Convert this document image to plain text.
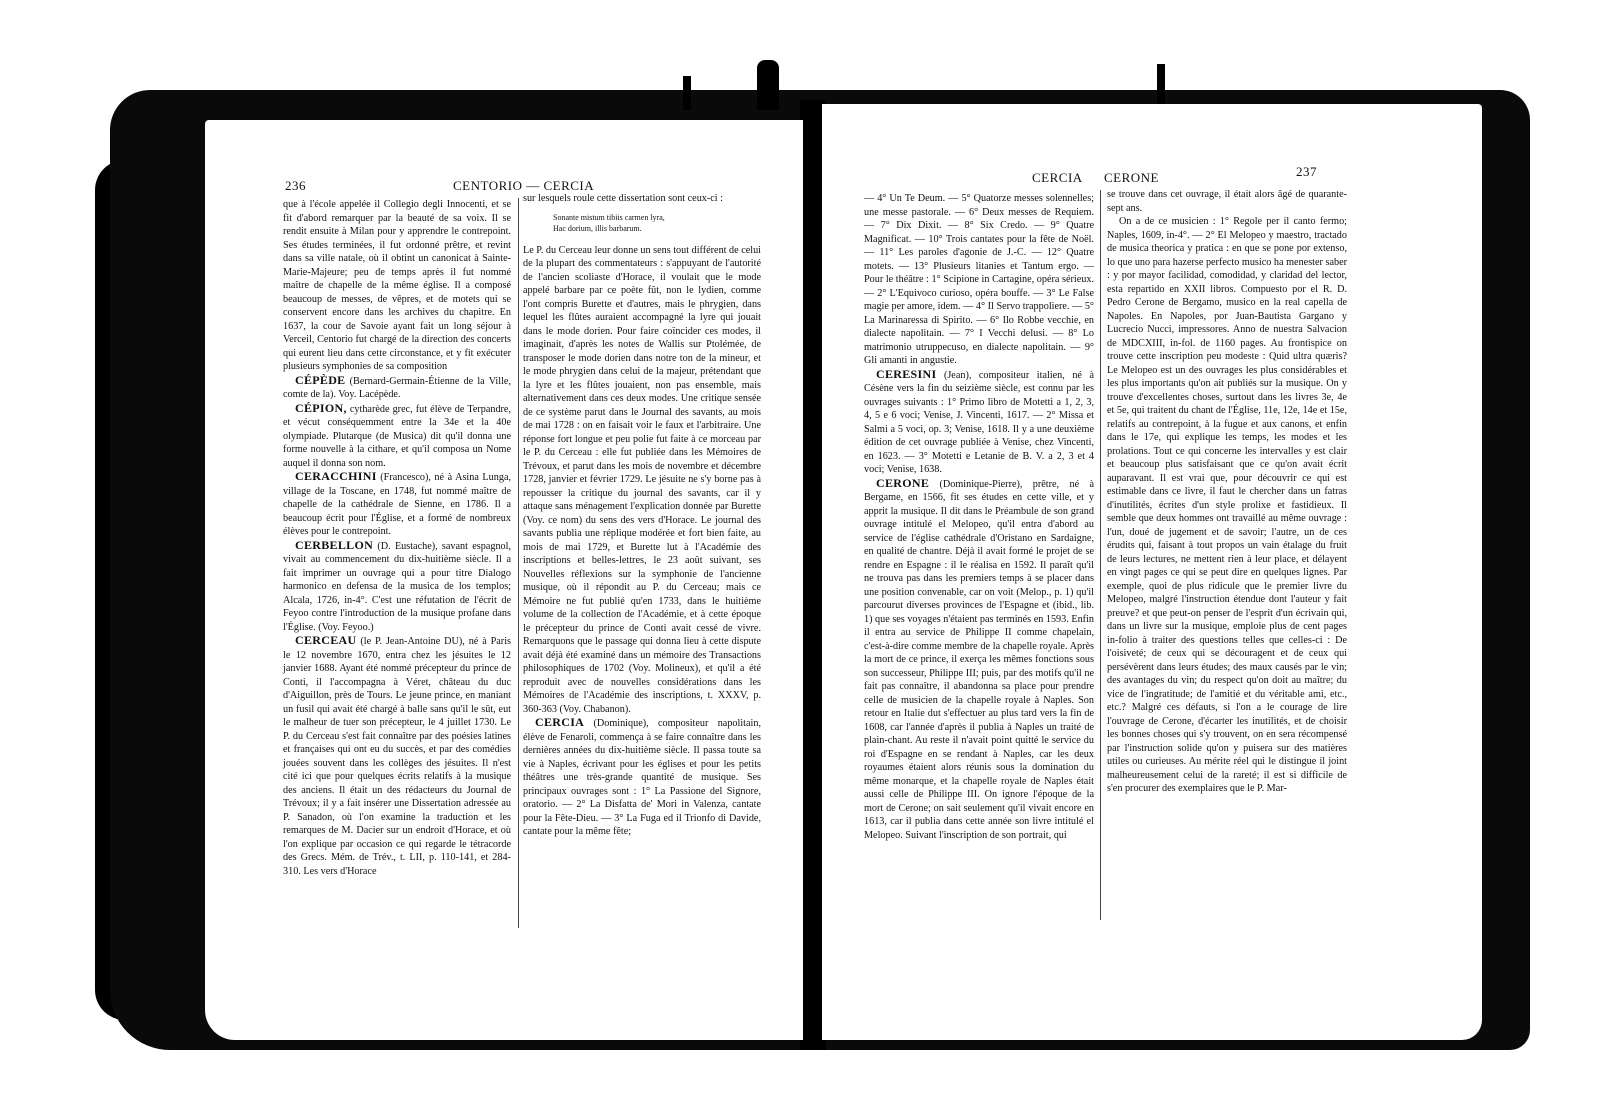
236	CENTORIO — CERCIA

que à l'école appelée il Collegio degli Innocenti, et se fit d'abord remarquer par la beauté de sa voix. Il se rendit ensuite à Milan pour y apprendre le contrepoint. Ses études terminées, il fut ordonné prêtre, et revint dans sa ville natale, où il obtint un canonicat à Sainte-Marie-Majeure; peu de temps après il fut nommé maître de chapelle de la même église. Il a composé beaucoup de messes, de vêpres, et de motets qui se conservent encore dans les archives du chapitre. En 1637, la cour de Savoie ayant fait un long séjour à Verceil, Centorio fut chargé de la direction des concerts qui eurent lieu dans cette circonstance, et y fit exécuter plusieurs symphonies de sa composition

CÉPÈDE (Bernard-Germain-Étienne de la Ville, comte de la). Voy. Lacépède.

CÉPION, cytharède grec, fut élève de Terpandre, et vécut conséquemment entre la 34e et la 40e olympiade. Plutarque (de Musica) dit qu'il donna une forme nouvelle à la cithare, et qu'il composa un Nome auquel il donna son nom.

CERACCHINI (Francesco), né à Asina Lunga, village de la Toscane, en 1748, fut nommé maître de chapelle de la cathédrale de Sienne, en 1786. Il a beaucoup écrit pour l'Église, et a formé de nombreux élèves pour le contrepoint.

CERBELLON (D. Eustache), savant espagnol, vivait au commencement du dix-huitième siècle. Il a fait imprimer un ouvrage qui a pour titre Dialogo harmonico en defensa de la musica de los templos; Alcala, 1726, in-4°. C'est une réfutation de l'écrit de Feyoo contre l'introduction de la musique profane dans l'Église. (Voy. Feyoo.)

CERCEAU (le P. Jean-Antoine DU), né à Paris le 12 novembre 1670, entra chez les jésuites le 12 janvier 1688. Ayant été nommé précepteur du prince de Conti, il l'accompagna à Véret, château du duc d'Aiguillon, près de Tours. Le jeune prince, en maniant un fusil qui avait été chargé à balle sans qu'il le sût, eut le malheur de tuer son précepteur, le 4 juillet 1730. Le P. du Cerceau s'est fait connaître par des poésies latines et françaises qui ont eu du succès, et par des comédies jouées souvent dans les collèges des jésuites. Il n'est cité ici que pour quelques écrits relatifs à la musique des anciens. Il était un des rédacteurs du Journal de Trévoux; il y a fait insérer une Dissertation adressée au P. Sanadon, où l'on examine la traduction et les remarques de M. Dacier sur un endroit d'Horace, et où l'on explique par occasion ce qui regarde le tétracorde des Grecs. Mém. de Trév., t. LII, p. 110-141, et 284-310. Les vers d'Horace

sur lesquels roule cette dissertation sont ceux-ci :

Sonante mistum tibiis carmen lyra,
Hac dorium, illis barbarum.

Le P. du Cerceau leur donne un sens tout différent de celui de la plupart des commentateurs : s'appuyant de l'autorité de l'ancien scoliaste d'Horace, il voulait que le mode appelé barbare par ce poète fût, non le lydien, comme l'ont compris Burette et d'autres, mais le phrygien, dans lequel les flûtes auraient accompagné la lyre qui jouait dans le mode dorien. Pour faire coïncider ces modes, il imaginait, d'après les notes de Wallis sur Ptolémée, de transposer le mode dorien dans notre ton de la mineur, et le mode phrygien dans celui de la majeur, prétendant que la lyre et les flûtes jouaient, non pas ensemble, mais alternativement dans ces deux modes. Une critique sensée de ce système parut dans le Journal des savants, au mois de mai 1728 : on en faisait voir le faux et l'arbitraire. Une réponse fort longue et peu polie fut faite à ce morceau par le P. du Cerceau : elle fut publiée dans les Mémoires de Trévoux, et parut dans les mois de novembre et décembre 1728, janvier et février 1729. Le jésuite ne s'y borne pas à repousser la critique du journal des savants, car il y attaque sans ménagement l'explication donnée par Burette (Voy. ce nom) du sens des vers d'Horace. Le journal des savants publia une réplique modérée et fort bien faite, au mois de mai 1729, et Burette lut à l'Académie des inscriptions et belles-lettres, le 23 août suivant, ses Nouvelles réflexions sur la symphonie de l'ancienne musique, où il répondit au P. du Cerceau; mais ce Mémoire ne fut publié qu'en 1733, dans le huitième volume de la collection de l'Académie, et à cette époque le précepteur du prince de Conti avait cessé de vivre. Remarquons que le passage qui donna lieu à cette dispute avait déjà été examiné dans un mémoire des Transactions philosophiques de 1702 (Voy. Molineux), et qu'il a été reproduit avec de nouvelles considérations dans les Mémoires de l'Académie des inscriptions, t. XXXV, p. 360-363 (Voy. Chabanon).

CERCIA (Dominique), compositeur napolitain, élève de Fenaroli, commença à se faire connaître dans les dernières années du dix-huitième siècle. Il passa toute sa vie à Naples, écrivant pour les églises et pour les petits théâtres une très-grande quantité de musique. Ses principaux ouvrages sont : 1° La Passione del Signore, oratorio. — 2° La Disfatta de' Mori in Valenza, cantate pour la Fête-Dieu. — 3° La Fuga ed il Trionfo di Davide, cantate pour la même fête;

CERCIA CERONE	237

— 4° Un Te Deum. — 5° Quatorze messes solennelles; une messe pastorale. — 6° Deux messes de Requiem. — 7° Dix Dixit. — 8° Six Credo. — 9° Quatre Magnificat. — 10° Trois cantates pour la fête de Noël. — 11° Les paroles d'agonie de J.-C. — 12° Quatre motets. — 13° Plusieurs litanies et Tantum ergo. — Pour le théâtre : 1° Scipione in Cartagine, opéra sérieux. — 2° L'Equivoco curioso, opéra bouffe. — 3° Le False magie per amore, idem. — 4° Il Servo trappoliere. — 5° La Marinaressa di Spirito. — 6° Ilo Robbe vecchie, en dialecte napolitain. — 7° I Vecchi delusi. — 8° Lo matrimonio utruppecuso, en dialecte napolitain. — 9° Gli amanti in angustie.

CERESINI (Jean), compositeur italien, né à Césène vers la fin du seizième siècle, est connu par les ouvrages suivants : 1° Primo libro de Motetti a 1, 2, 3, 4, 5 e 6 voci; Venise, J. Vincenti, 1617. — 2° Missa et Salmi a 5 voci, op. 3; Venise, 1618. Il y a une deuxième édition de cet ouvrage publiée à Venise, chez Vincenti, en 1623. — 3° Motetti e Letanie de B. V. a 2, 3 et 4 voci; Venise, 1638.

CERONE (Dominique-Pierre), prêtre, né à Bergame, en 1566, fit ses études en cette ville, et y apprit la musique. Il dit dans le Préambule de son grand ouvrage intitulé el Melopeo, qu'il entra d'abord au service de l'église cathédrale d'Oristano en Sardaigne, en qualité de chantre. Déjà il avait formé le projet de se rendre en Espagne : il le réalisa en 1592. Il paraît qu'il ne trouva pas dans les premiers temps à se placer dans une position convenable, car on voit (Melop., p. 1) qu'il parcourut diverses provinces de l'Espagne et (ibid., lib. 1) que ses voyages n'étaient pas terminés en 1593. Enfin il entra au service de Philippe II comme chapelain, c'est-à-dire comme membre de la chapelle royale. Après la mort de ce prince, il exerça les mêmes fonctions sous son successeur, Philippe III; puis, par des motifs qu'il ne fait pas connaître, il abandonna sa place pour prendre celle de musicien de la chapelle royale à Naples. Son retour en Italie dut s'effectuer au plus tard vers la fin de 1608, car l'année d'après il publia à Naples un traité de plain-chant. Au reste il n'avait point quitté le service du roi d'Espagne en se rendant à Naples, car les deux royaumes étaient alors réunis sous la domination du même monarque, et la chapelle royale de Naples était aussi celle de Philippe III. On ignore l'époque de la mort de Cerone; on sait seulement qu'il vivait encore en 1613, car il publia dans cette année son livre intitulé el Melopeo. Suivant l'inscription de son portrait, qui

se trouve dans cet ouvrage, il était alors âgé de quarante-sept ans.

On a de ce musicien : 1° Regole per il canto fermo; Naples, 1609, in-4°. — 2° El Melopeo y maestro, tractado de musica theorica y pratica : en que se pone por extenso, lo que uno para hazerse perfecto musico ha menester saber : y por mayor facilidad, comodidad, y claridad del lector, esta repartido en XXII libros. Compuesto por el R. D. Pedro Cerone de Bergamo, musico en la real capella de Napoles. En Napoles, por Juan-Bautista Gargano y Lucrecio Nucci, impressores. Anno de nuestra Salvacion de MDCXIII, in-fol. de 1160 pages. Au frontispice on trouve cette inscription peu modeste : Quid ultra quæris? Le Melopeo est un des ouvrages les plus considérables et les plus importants qu'on ait publiés sur la musique. On y trouve d'excellentes choses, surtout dans les livres 3e, 4e et 5e, qui traitent du chant de l'Église, 11e, 12e, 14e et 15e, relatifs au contrepoint, à la fugue et aux canons, et enfin dans le 17e, qui explique les temps, les modes et les prolations. Tout ce qui concerne les intervalles y est clair et beaucoup plus satisfaisant que ce qu'on avait écrit auparavant. Il est vrai que, pour découvrir ce qui est estimable dans ce livre, il faut le chercher dans un fatras d'inutilités, écrites d'un style prolixe et fastidieux. Il semble que deux hommes ont travaillé au même ouvrage : l'un, doué de jugement et de savoir; l'autre, un de ces érudits qui, faisant à tout propos un vain étalage du fruit de leurs lectures, ne mettent rien à leur place, et délayent en vingt pages ce qui se peut dire en quelques lignes. Par exemple, quoi de plus ridicule que le premier livre du Melopeo, malgré l'instruction étendue dont l'auteur y fait preuve? et que peut-on penser de l'esprit d'un écrivain qui, dans un livre sur la musique, emploie plus de cent pages in-folio à traiter des questions telles que celles-ci : De l'oisiveté; de ceux qui se découragent et de ceux qui persévèrent dans leurs études; des maux causés par le vin; des avantages du vin; du respect qu'on doit au maître; du vice de l'ingratitude; de l'amitié et du véritable ami, etc., etc.? Malgré ces défauts, si l'on a le courage de lire l'ouvrage de Cerone, d'écarter les inutilités, et de choisir les bonnes choses qui s'y trouvent, on en sera récompensé par l'instruction solide qu'on y puisera sur des matières utiles ou curieuses. Au mérite réel qui le distingue il joint malheureusement celui de la rareté; il est si difficile de s'en procurer des exemplaires que le P. Mar-
